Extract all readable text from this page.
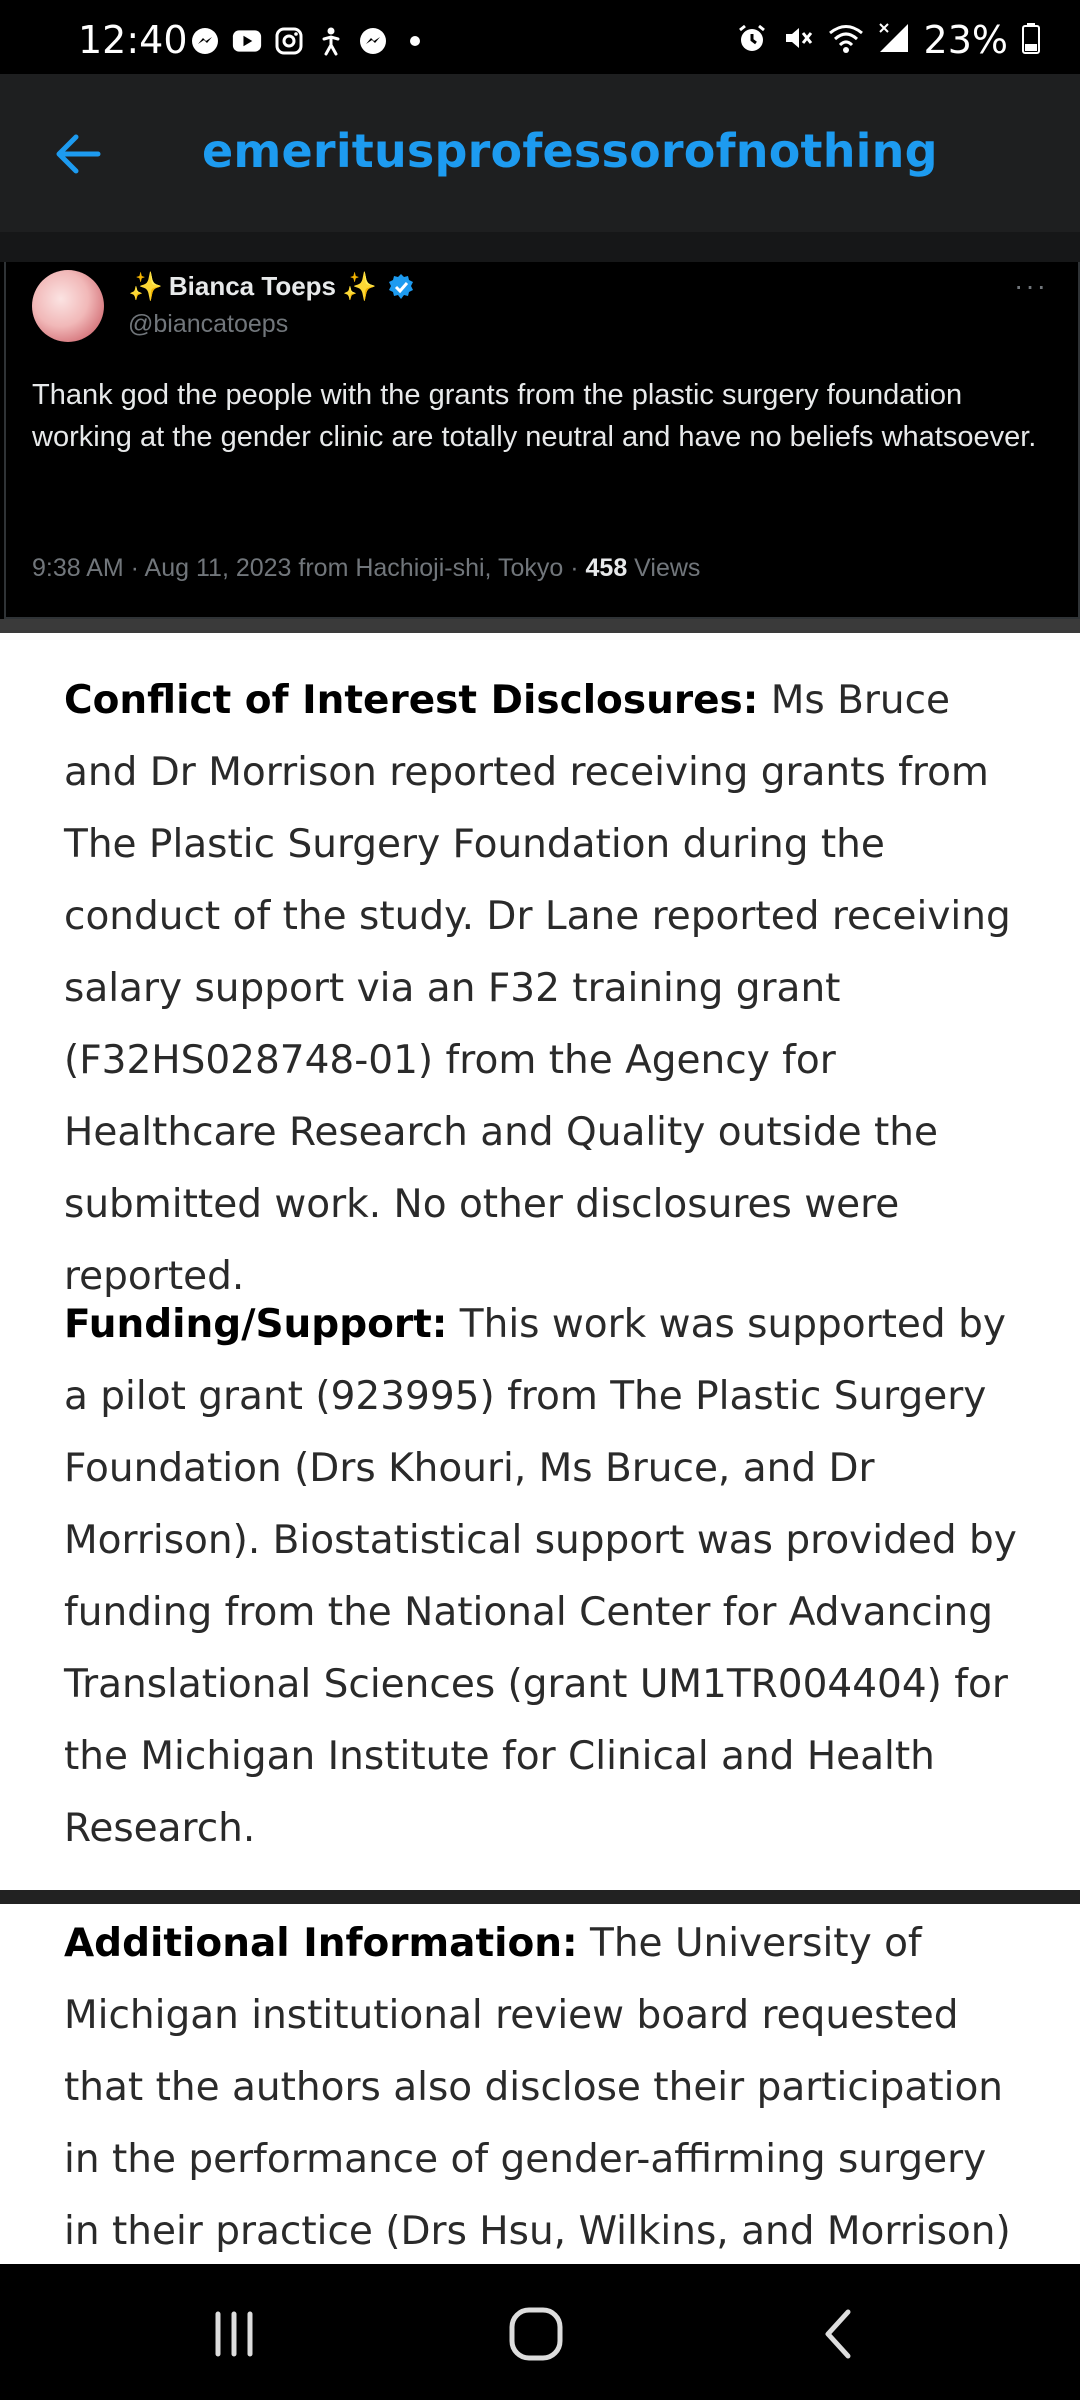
12:40	23%
emeritusprofessorofnothing
✨ Bianca Toeps ✨
@biancatoeps
···
Thank god the people with the grants from the plastic surgery foundation working at the gender clinic are totally neutral and have no beliefs whatsoever.
9:38 AM · Aug 11, 2023 from Hachioji-shi, Tokyo · 458 Views
Conflict of Interest Disclosures: Ms Bruce and Dr Morrison reported receiving grants from The Plastic Surgery Foundation during the conduct of the study. Dr Lane reported receiving salary support via an F32 training grant (F32HS028748-01) from the Agency for Healthcare Research and Quality outside the submitted work. No other disclosures were reported.
Funding/Support: This work was supported by a pilot grant (923995) from The Plastic Surgery Foundation (Drs Khouri, Ms Bruce, and Dr Morrison). Biostatistical support was provided by funding from the National Center for Advancing Translational Sciences (grant UM1TR004404) for the Michigan Institute for Clinical and Health Research.
Additional Information: The University of Michigan institutional review board requested that the authors also disclose their participation in the performance of gender-affirming surgery in their practice (Drs Hsu, Wilkins, and Morrison)
